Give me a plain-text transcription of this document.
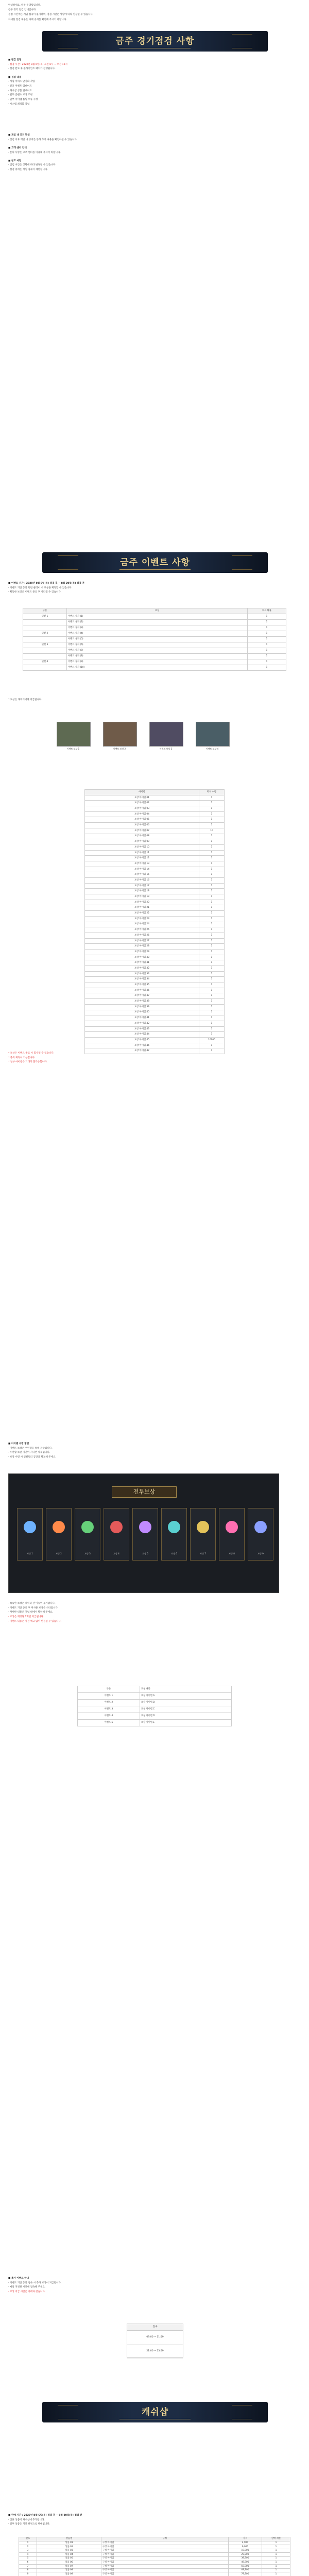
안녕하세요. 테라 운영팀입니다.

금주 정기 점검 안내입니다.

점검 시간에는 게임 접속이 불가하며, 점검 시간은 상황에 따라 연장될 수 있습니다.

자세한 점검 내용은 아래 공지를 확인해 주시기 바랍니다.

금주 경기점검 사항

■ 점검 일정

· 점검 시간 : 2020년 8월 6일(목) 오전 6시 ~ 오전 10시

· 점검 완료 후 클라이언트 패치가 진행됩니다.

■ 점검 내용

· 게임 서비스 안정화 작업

· 신규 이벤트 업데이트

· 캐시샵 상품 업데이트

· 일부 콘텐츠 보상 조정

· 일부 아이템 툴팁 오류 수정

· 시스템 최적화 작업

■ 게임 내 공지 확인

· 점검 이후 게임 내 공지를 통해 추가 내용을 확인하실 수 있습니다.

■ 고객 센터 안내

· 문의 사항은 고객 센터를 이용해 주시기 바랍니다.

■ 참고 사항

· 점검 시간은 상황에 따라 변경될 수 있습니다.

· 점검 중에는 게임 접속이 제한됩니다.

금주 이벤트 사항

■ 이벤트 기간 : 2020년 8월 6일(목) 점검 후 ~ 8월 20일(목) 점검 전

· 이벤트 기간 동안 던전 클리어 시 보상을 획득할 수 있습니다.

· 획득한 보상은 이벤트 종료 후 사라질 수 있습니다.

구분	보상	획득 확률
던전 1	이벤트 상자 (1)	1
	이벤트 상자 (2)	1
	이벤트 상자 (3)	1
던전 2	이벤트 상자 (4)	1
	이벤트 상자 (5)	1
던전 3	이벤트 상자 (6)	1
	이벤트 상자 (7)	1
	이벤트 상자 (8)	1
던전 4	이벤트 상자 (9)	1
	이벤트 상자 (10)	1

* 보상은 캐릭터에게 지급됩니다.

이벤트 보상 1	이벤트 보상 2	이벤트 보상 3	이벤트 보상 4
아이템	획득 수량
보상 아이템 01	1
보상 아이템 02	1
보상 아이템 03	1
보상 아이템 04	1
보상 아이템 05	1
보상 아이템 06	1
보상 아이템 07	10
보상 아이템 08	1
보상 아이템 09	1
보상 아이템 10	1
보상 아이템 11	1
보상 아이템 12	1
보상 아이템 13	1
보상 아이템 14	1
보상 아이템 15	1
보상 아이템 16	1
보상 아이템 17	1
보상 아이템 18	1
보상 아이템 19	1
보상 아이템 20	1
보상 아이템 21	1
보상 아이템 22	1
보상 아이템 23	1
보상 아이템 24	1
보상 아이템 25	1
보상 아이템 26	1
보상 아이템 27	1
보상 아이템 28	1
보상 아이템 29	1
보상 아이템 30	1
보상 아이템 31	1
보상 아이템 32	1
보상 아이템 33	1
보상 아이템 34	1
보상 아이템 35	1
보상 아이템 36	1
보상 아이템 37	1
보상 아이템 38	1
보상 아이템 39	1
보상 아이템 40	1
보상 아이템 41	1
보상 아이템 42	1
보상 아이템 43	1
보상 아이템 44	1
보상 아이템 45	10000
보상 아이템 46	1
보상 아이템 47	1

* 보상은 이벤트 종료 시 회수될 수 있습니다.

* 중복 획득이 가능합니다.

* 일부 아이템은 거래가 불가능합니다.

■ 아이템 수령 방법

· 이벤트 보상은 우편함을 통해 지급됩니다.

· 우편함 보관 기간이 지나면 삭제됩니다.

· 보상 수령 시 인벤토리 공간을 확보해 주세요.

전투보상
보상 1	보상 2	보상 3	보상 4	보상 5	보상 6	보상 7	보상 8	보상 9

· 획득한 보상은 캐릭터 간 이동이 불가합니다.

· 이벤트 기간 종료 후 미사용 보상은 사라집니다.

· 자세한 내용은 게임 내에서 확인해 주세요.

· 보상은 계정당 1회만 지급됩니다.

· 이벤트 내용은 사전 예고 없이 변경될 수 있습니다.

구분	보상 내용
이벤트 1	보상 아이템 A
이벤트 2	보상 아이템 B
이벤트 3	보상 아이템 C
이벤트 4	보상 아이템 D
이벤트 5	보상 아이템 E

■ 추가 이벤트 안내

· 이벤트 기간 동안 접속 시 추가 보상이 지급됩니다.

· 매일 지정된 시간에 접속해 주세요.

· 보상 지급 시간은 아래와 같습니다.

접속
09:00 ~ 11:59
21:00 ~ 23:59
캐쉬샵

■ 판매 기간 : 2020년 8월 6일(목) 점검 후 ~ 8월 20일(목) 점검 전

· 신규 상품이 캐시샵에 추가됩니다.

· 일부 상품은 기간 한정으로 판매됩니다.

번호	상품명	구성	가격	판매 제한
1	상품 01	구성 아이템	4,900	1
2	상품 02	구성 아이템	9,900	1
3	상품 03	구성 아이템	19,900	1
4	상품 04	구성 아이템	29,900	1
5	상품 05	구성 아이템	39,900	1
6	상품 06	구성 아이템	49,900	1
7	상품 07	구성 아이템	59,900	1
8	상품 08	구성 아이템	69,900	1
9	상품 09	구성 아이템	79,900	1
